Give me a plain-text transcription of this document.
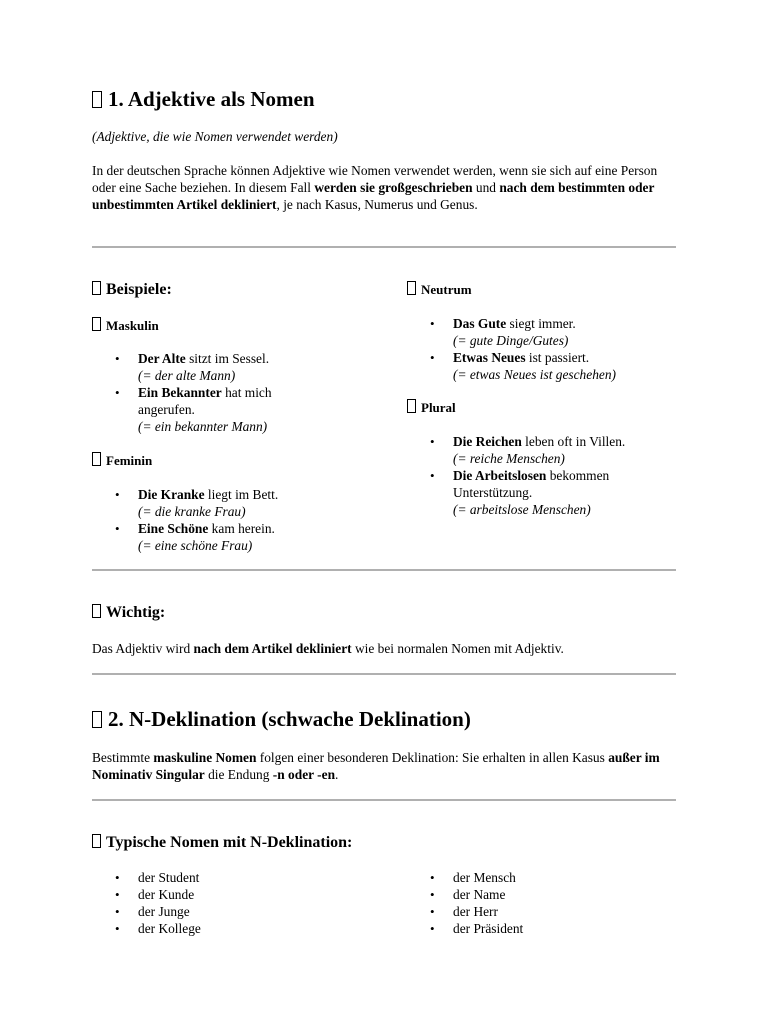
1. Adjektive als Nomen

(Adjektive, die wie Nomen verwendet werden)

In der deutschen Sprache können Adjektive wie Nomen verwendet werden, wenn sie sich auf eine Person oder eine Sache beziehen. In diesem Fall werden sie großgeschrieben und nach dem bestimmten oder unbestimmten Artikel dekliniert, je nach Kasus, Numerus und Genus.

Beispiele:
Maskulin
• Der Alte sitzt im Sessel.
(= der alte Mann)
• Ein Bekannter hat mich angerufen.
(= ein bekannter Mann)
Feminin
• Die Kranke liegt im Bett.
(= die kranke Frau)
• Eine Schöne kam herein.
(= eine schöne Frau)
Neutrum
• Das Gute siegt immer.
(= gute Dinge/Gutes)
• Etwas Neues ist passiert.
(= etwas Neues ist geschehen)
Plural
• Die Reichen leben oft in Villen.
(= reiche Menschen)
• Die Arbeitslosen bekommen Unterstützung.
(= arbeitslose Menschen)
Wichtig:

Das Adjektiv wird nach dem Artikel dekliniert wie bei normalen Nomen mit Adjektiv.

2. N-Deklination (schwache Deklination)

Bestimmte maskuline Nomen folgen einer besonderen Deklination: Sie erhalten in allen Kasus außer im Nominativ Singular die Endung -n oder -en.

Typische Nomen mit N-Deklination:
• der Student
• der Kunde
• der Junge
• der Kollege
• der Mensch
• der Name
• der Herr
• der Präsident
